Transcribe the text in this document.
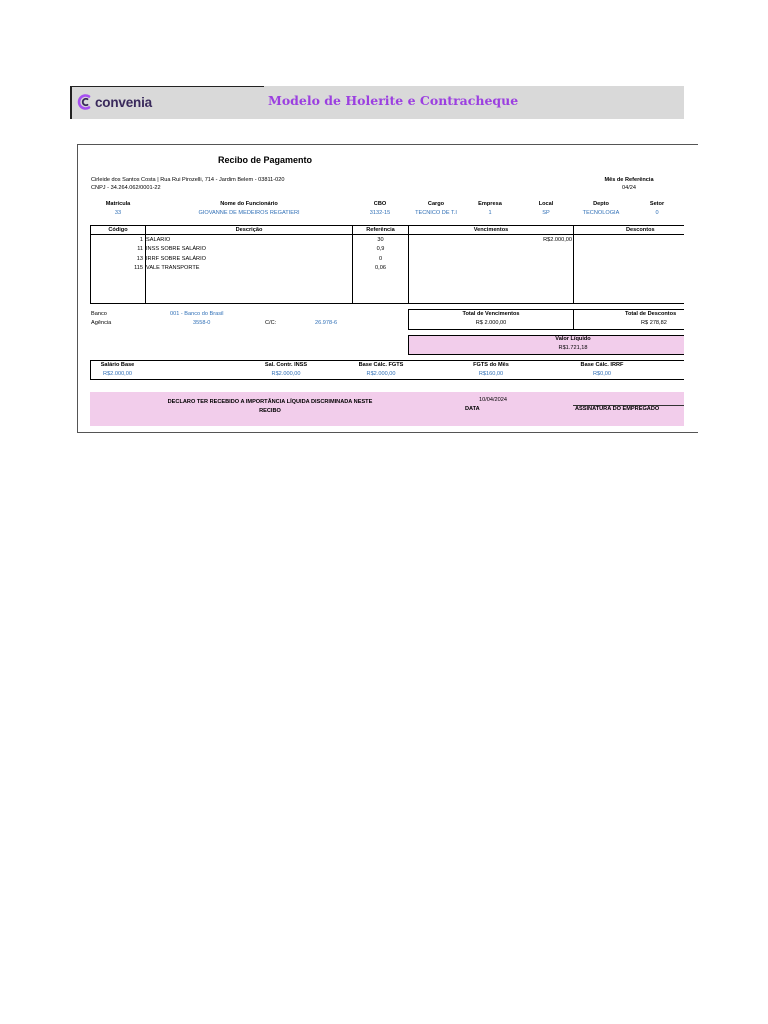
convenia	Modelo de Holerite e Contracheque
Recibo de Pagamento
Cirleide dos Santos Costa | Rua Rui Pirozelli, 714 - Jardim Belem - 03811-020
CNPJ - 34.264.062/0001-22
Mês de Referência
04/24
Matrícula	Nome do Funcionário	CBO	Cargo	Empresa	Local	Depto	Setor
33	GIOVANNE DE MEDEIROS REGATIERI	3132-15	TECNICO DE T.I	1	SP	TECNOLOGIA	0
Código	Descrição	Referência	Vencimentos	Descontos
1 SALARIO	30	R$2.000,00
11 INSS SOBRE SALÁRIO	0,9
13 IRRF SOBRE SALÁRIO	0
115 VALE TRANSPORTE	0,06
Banco	001 - Banco do Brasil
Agência	3558-0	C/C:	26.978-6
Total de Vencimentos
R$ 2.000,00
Total de Descontos
R$ 278,82
Valor Líquido
R$1.721,18
Salário Base	Sal. Contr. INSS	Base Cálc. FGTS	FGTS do Mês	Base Cálc. IRRF
R$2.000,00	R$2.000,00	R$2.000,00	R$160,00	R$0,00
DECLARO TER RECEBIDO A IMPORTÂNCIA LÍQUIDA DISCRIMINADA NESTE
RECIBO
10/04/2024
DATA	ASSINATURA DO EMPREGADO
